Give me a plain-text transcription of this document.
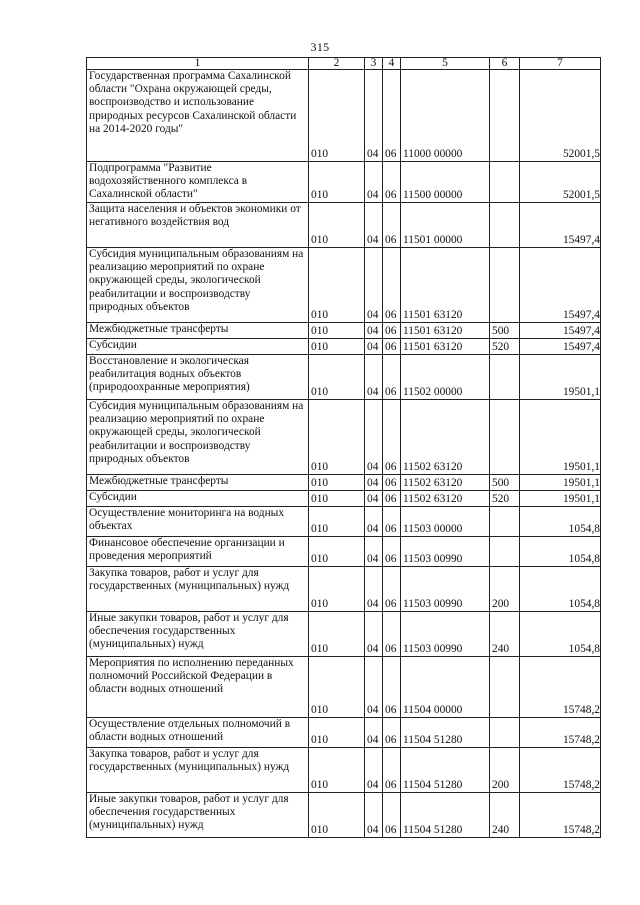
315
1	2	3	4	5	6	7
Государственная программа Сахалинской области "Охрана окружающей среды, воспроизводство и использование природных ресурсов Сахалинской области на 2014-2020 годы"	010	04	06	11000 00000		52001,5
Подпрограмма "Развитие водохозяйственного комплекса в Сахалинской области"	010	04	06	11500 00000		52001,5
Защита населения и объектов экономики от негативного воздействия вод	010	04	06	11501 00000		15497,4
Субсидия муниципальным образованиям на реализацию мероприятий по охране окружающей среды, экологической реабилитации и воспроизводству природных объектов	010	04	06	11501 63120		15497,4
Межбюджетные трансферты	010	04	06	11501 63120	500	15497,4
Субсидии	010	04	06	11501 63120	520	15497,4
Восстановление и экологическая реабилитация водных объектов (природоохранные мероприятия)	010	04	06	11502 00000		19501,1
Субсидия муниципальным образованиям на реализацию мероприятий по охране окружающей среды, экологической реабилитации и воспроизводству природных объектов	010	04	06	11502 63120		19501,1
Межбюджетные трансферты	010	04	06	11502 63120	500	19501,1
Субсидии	010	04	06	11502 63120	520	19501,1
Осуществление мониторинга на водных объектах	010	04	06	11503 00000		1054,8
Финансовое обеспечение организации и проведения мероприятий	010	04	06	11503 00990		1054,8
Закупка товаров, работ и услуг для государственных (муниципальных) нужд	010	04	06	11503 00990	200	1054,8
Иные закупки товаров, работ и услуг для обеспечения государственных (муниципальных) нужд	010	04	06	11503 00990	240	1054,8
Мероприятия по исполнению переданных полномочий Российской Федерации в области водных отношений	010	04	06	11504 00000		15748,2
Осуществление отдельных полномочий в области водных отношений	010	04	06	11504 51280		15748,2
Закупка товаров, работ и услуг для государственных (муниципальных) нужд	010	04	06	11504 51280	200	15748,2
Иные закупки товаров, работ и услуг для обеспечения государственных (муниципальных) нужд	010	04	06	11504 51280	240	15748,2
